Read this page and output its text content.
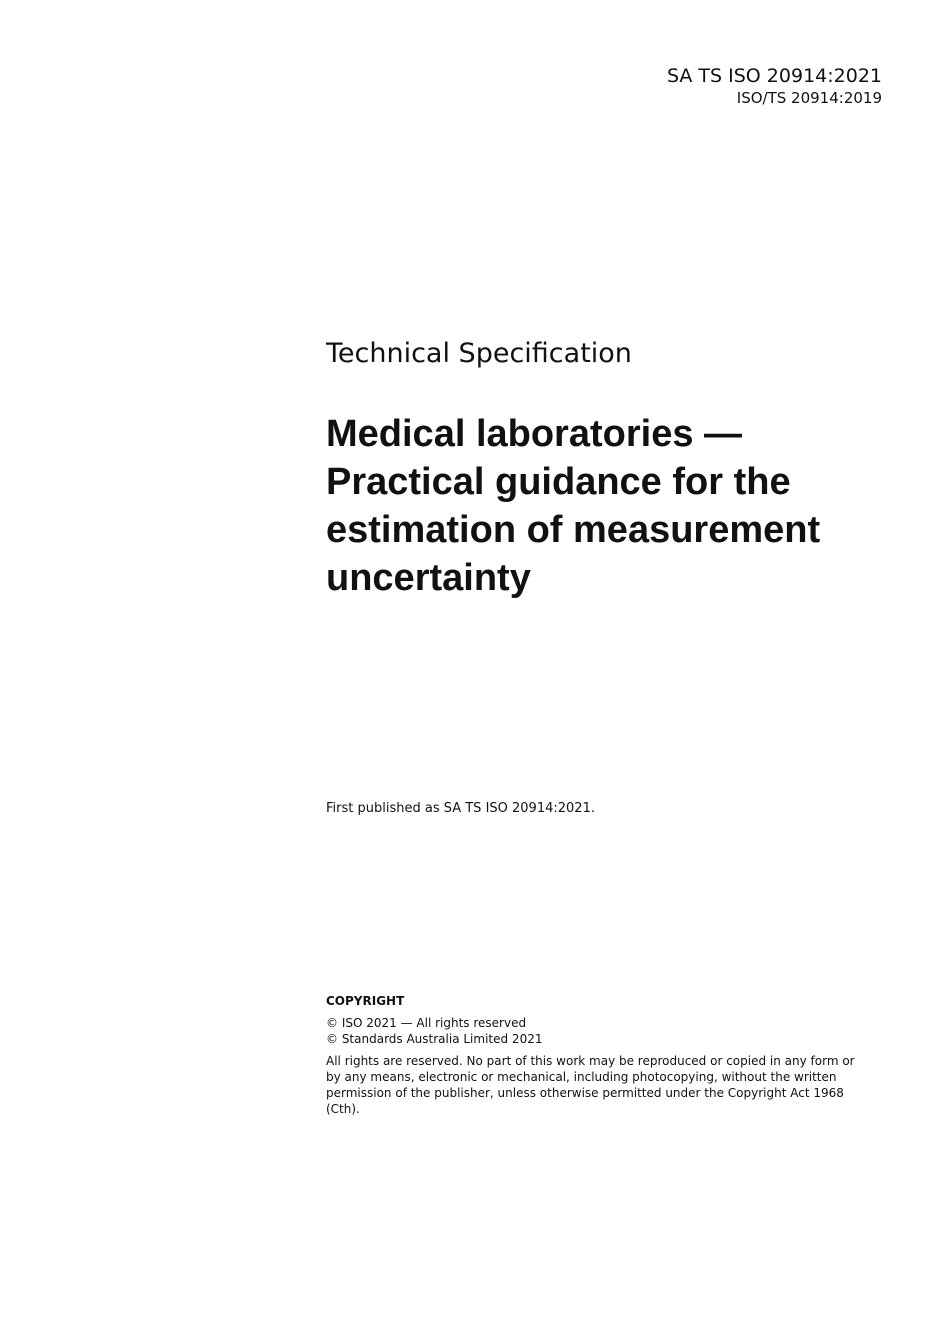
SA TS ISO 20914:2021
ISO/TS 20914:2019
Technical Specification
Medical laboratories — Practical guidance for the estimation of measurement uncertainty
First published as SA TS ISO 20914:2021.
COPYRIGHT
© ISO 2021 — All rights reserved
© Standards Australia Limited 2021
All rights are reserved. No part of this work may be reproduced or copied in any form or by any means, electronic or mechanical, including photocopying, without the written permission of the publisher, unless otherwise permitted under the Copyright Act 1968 (Cth).
